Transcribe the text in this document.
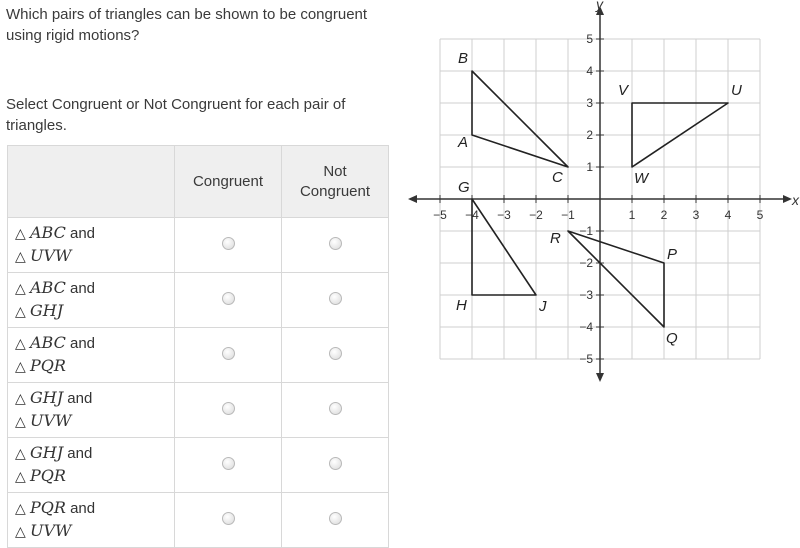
Which pairs of triangles can be shown to be congruent using rigid motions?
Select Congruent or Not Congruent for each pair of triangles.
	Congruent	Not
Congruent
△ ABC and
△ UVW		
△ ABC and
△ GHJ		
△ ABC and
△ PQR		
△ GHJ and
△ UVW		
△ GHJ and
△ PQR		
△ PQR and
△ UVW		
x
y
−5 −4 −3 −2 −1	1 2 3 4 5
−5
−4
−3
−2
−1
1
2
3
4
5
A
B
C
U
V
W
G
H	J
P
Q
R
